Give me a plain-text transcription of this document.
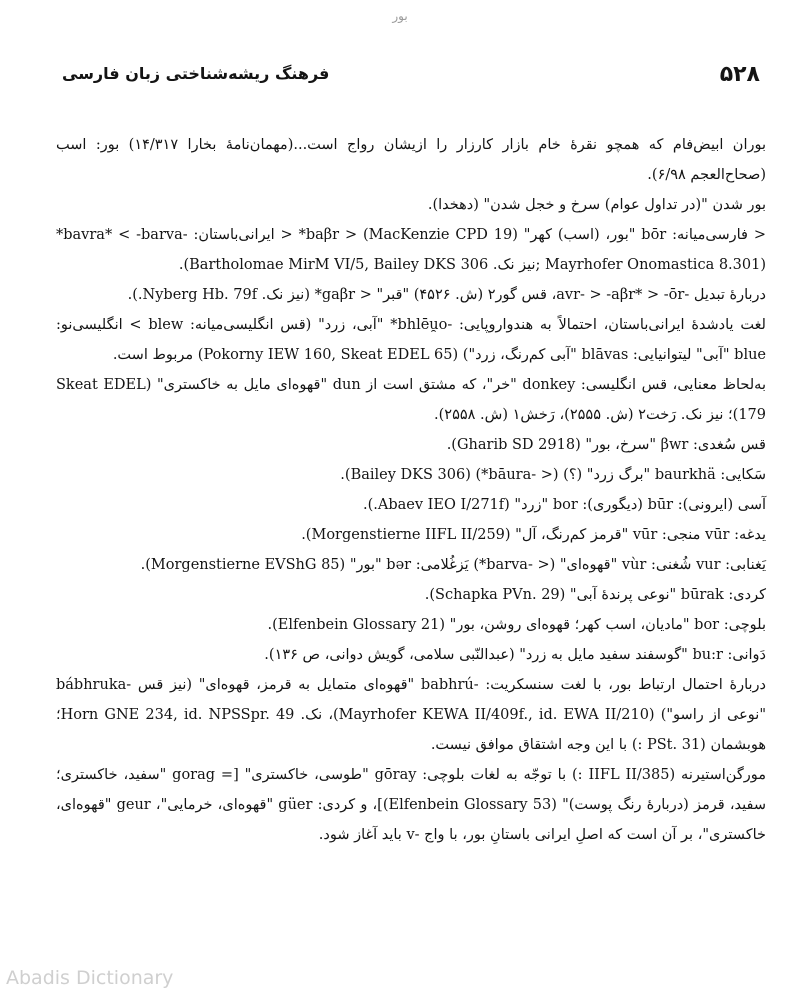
بور
۵۲۸
فرهنگ ریشه‌شناختی زبان فارسی

بوران ابیض‌فام که همچو نقرهٔ خام بازار کارزار را ازیشان رواج است...(مهمان‌نامهٔ بخارا ۱۴/۳۱۷) بور: اسب (صحاح‌العجم ۶/۹۸).

بور شدن "(در تداول عوام) سرخ و خجل شدن" (دهخدا).

< فارسی‌میانه: bōr "بور، (اسب) کهر" (MacKenzie CPD 19) < baβr* < ایرانی‌باستان: -bavra* < -barva* (Mayrhofer Onomastica 8.301 ;نیز نک. Bartholomae MirM VI/5, Bailey DKS 306).

دربارهٔ تبدیل -avr- > -aβr* > -ōr، قس گور۲ (ش. ۴۵۲۶) "قبر" < gaβr* (نیز نک. Nyberg Hb. 79f.).

لغت یادشدهٔ ایرانی‌باستان، احتمالاً به هندواروپایی: -bhlēu̯o* "آبی، زرد" (قس انگلیسی‌میانه: blew > انگلیسی‌نو: blue "آبی" لیتوانیایی: blāvas "آبی کم‌رنگ، زرد") (Pokorny IEW 160, Skeat EDEL 65) مربوط است.

به‌لحاظ معنایی، قس انگلیسی: donkey "خر"، که مشتق است از dun "قهوه‌ای مایل به خاکستری" (Skeat EDEL 179)؛ نیز نک. رَخت۲ (ش. ۲۵۵۵)، رَخش۱ (ش. ۲۵۵۸).

قس سُغدی: βwr "سرخ، بور" (Gharib SD 2918).

سَکایی: baurkhä "برگ زرد" (؟) (< -bāura*) (Bailey DKS 306).

آسی (ایرونی): būr (دیگوری): bor "زرد" (Abaev IEO I/271f.).

یدغه: vūr منجی: vūr "قرمز کم‌رنگ، آل" (Morgenstierne IIFL II/259).

یَغنابی: vur شُغنی: vùr "قهوه‌ای" (< -barva*) یَزغُلامی: bər "بور" (Morgenstierne EVShG 85).

کردی: būrak "نوعی پرندهٔ آبی" (Schapka PVn. 29).

بلوچی: bor "مادیان، اسب کهر؛ قهوه‌ای روشن، بور" (Elfenbein Glossary 21).

دَوانی: bu:r "گوسفند سفید مایل به زرد" (عبدالنّبی سلامی، گویش دوانی، ص ۱۳۶).

دربارهٔ احتمال ارتباط بور، با لغت سنسکریت: -babhrú "قهوه‌ای متمایل به قرمز، قهوه‌ای" (نیز قس -bábhruka "نوعی از راسو") (Mayrhofer KEWA II/409f., id. EWA II/210)، نک. Horn GNE 234, id. NPSSpr. 49؛ هوبشمان (PSt. 31 :) با این وجه اشتقاق موافق نیست.

مورگن‌استیرنه (IIFL II/385 :) با توجّه به لغات بلوچی: gōray "طوسی، خاکستری" [= gorag "سفید، خاکستری؛ سفید، قرمز (دربارهٔ رنگ پوست)" (Elfenbein Glossary 53)]، و کردی: güer "قهوه‌ای، خرمایی"، geur "قهوه‌ای، خاکستری"، بر آن است که اصلِ ایرانی باستانِ بور، با واج -v باید آغاز شود.

Abadis Dictionary
